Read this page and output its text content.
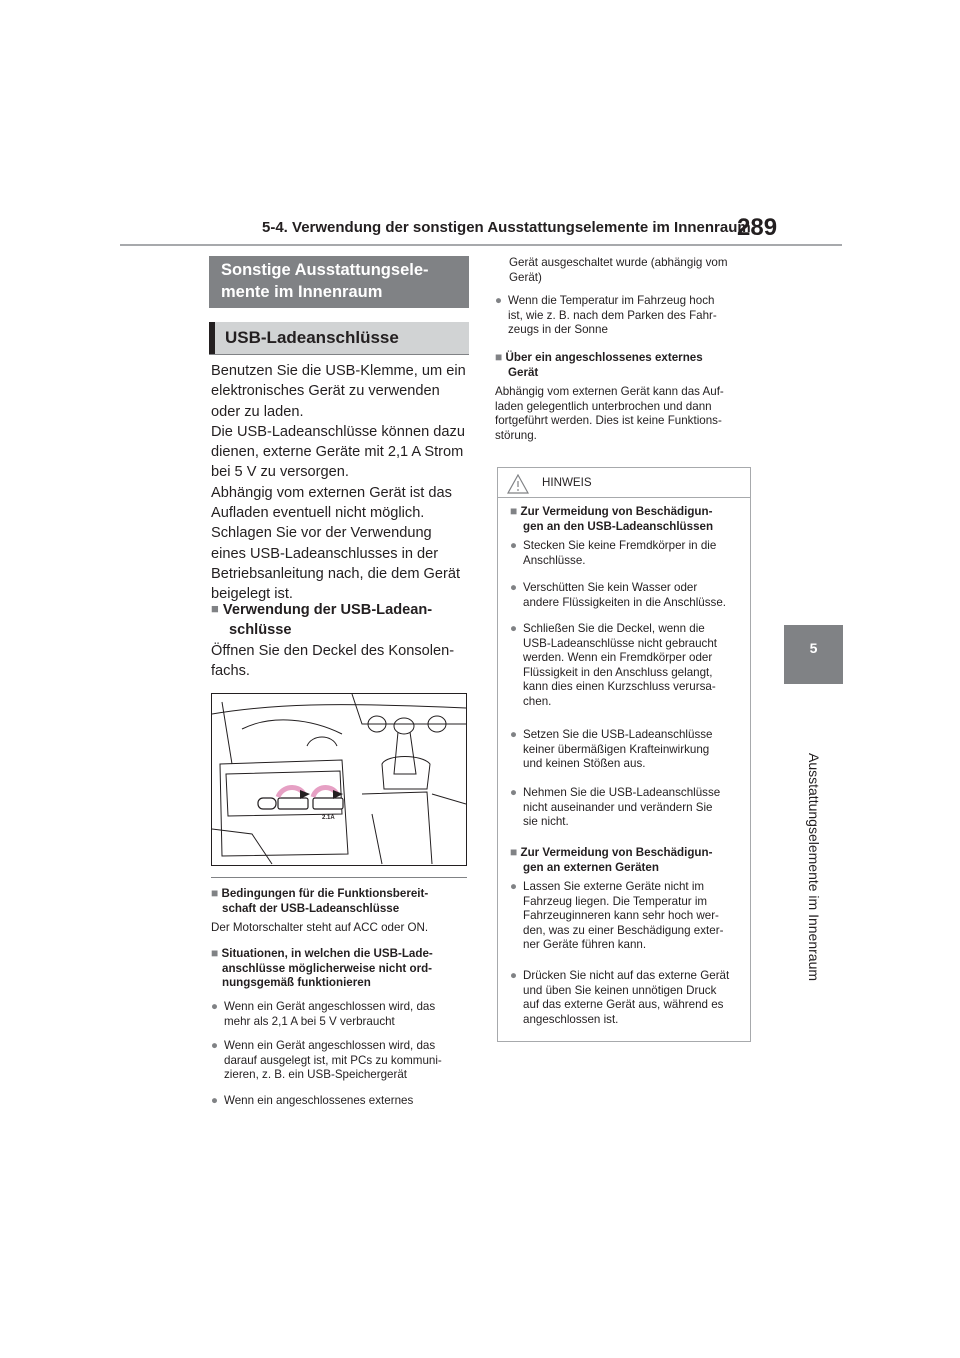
5-4. Verwendung der sonstigen Ausstattungselemente im Innenraum
289
5
Ausstattungselemente im Innenraum
Sonstige Ausstattungsele-
mente im Innenraum
USB-Ladeanschlüsse

Benutzen Sie die USB-Klemme, um ein

elektronisches Gerät zu verwenden

oder zu laden.

Die USB-Ladeanschlüsse können dazu

dienen, externe Geräte mit 2,1 A Strom

bei 5 V zu versorgen.

Abhängig vom externen Gerät ist das

Aufladen eventuell nicht möglich.

Schlagen Sie vor der Verwendung

eines USB-Ladeanschlusses in der

Betriebsanleitung nach, die dem Gerät

beigelegt ist.

■ Verwendung der USB-Ladean-
schlüsse

Öffnen Sie den Deckel des Konsolen-

fachs.

2.1A
■ Bedingungen für die Funktionsbereit-
schaft der USB-Ladeanschlüsse
Der Motorschalter steht auf ACC oder ON.
■ Situationen, in welchen die USB-Lade-
anschlüsse möglicherweise nicht ord-
nungsgemäß funktionieren
● Wenn ein Gerät angeschlossen wird, das
mehr als 2,1 A bei 5 V verbraucht
● Wenn ein Gerät angeschlossen wird, das
darauf ausgelegt ist, mit PCs zu kommuni-
zieren, z. B. ein USB-Speichergerät
● Wenn ein angeschlossenes externes
Gerät ausgeschaltet wurde (abhängig vom
Gerät)
● Wenn die Temperatur im Fahrzeug hoch
ist, wie z. B. nach dem Parken des Fahr-
zeugs in der Sonne
■ Über ein angeschlossenes externes
Gerät
Abhängig vom externen Gerät kann das Auf-
laden gelegentlich unterbrochen und dann
fortgeführt werden. Dies ist keine Funktions-
störung.
HINWEIS
■ Zur Vermeidung von Beschädigun-
gen an den USB-Ladeanschlüssen
● Stecken Sie keine Fremdkörper in die
Anschlüsse.
● Verschütten Sie kein Wasser oder
andere Flüssigkeiten in die Anschlüsse.
● Schließen Sie die Deckel, wenn die
USB-Ladeanschlüsse nicht gebraucht
werden. Wenn ein Fremdkörper oder
Flüssigkeit in den Anschluss gelangt,
kann dies einen Kurzschluss verursa-
chen.
● Setzen Sie die USB-Ladeanschlüsse
keiner übermäßigen Krafteinwirkung
und keinen Stößen aus.
● Nehmen Sie die USB-Ladeanschlüsse
nicht auseinander und verändern Sie
sie nicht.
■ Zur Vermeidung von Beschädigun-
gen an externen Geräten
● Lassen Sie externe Geräte nicht im
Fahrzeug liegen. Die Temperatur im
Fahrzeuginneren kann sehr hoch wer-
den, was zu einer Beschädigung exter-
ner Geräte führen kann.
● Drücken Sie nicht auf das externe Gerät
und üben Sie keinen unnötigen Druck
auf das externe Gerät aus, während es
angeschlossen ist.
